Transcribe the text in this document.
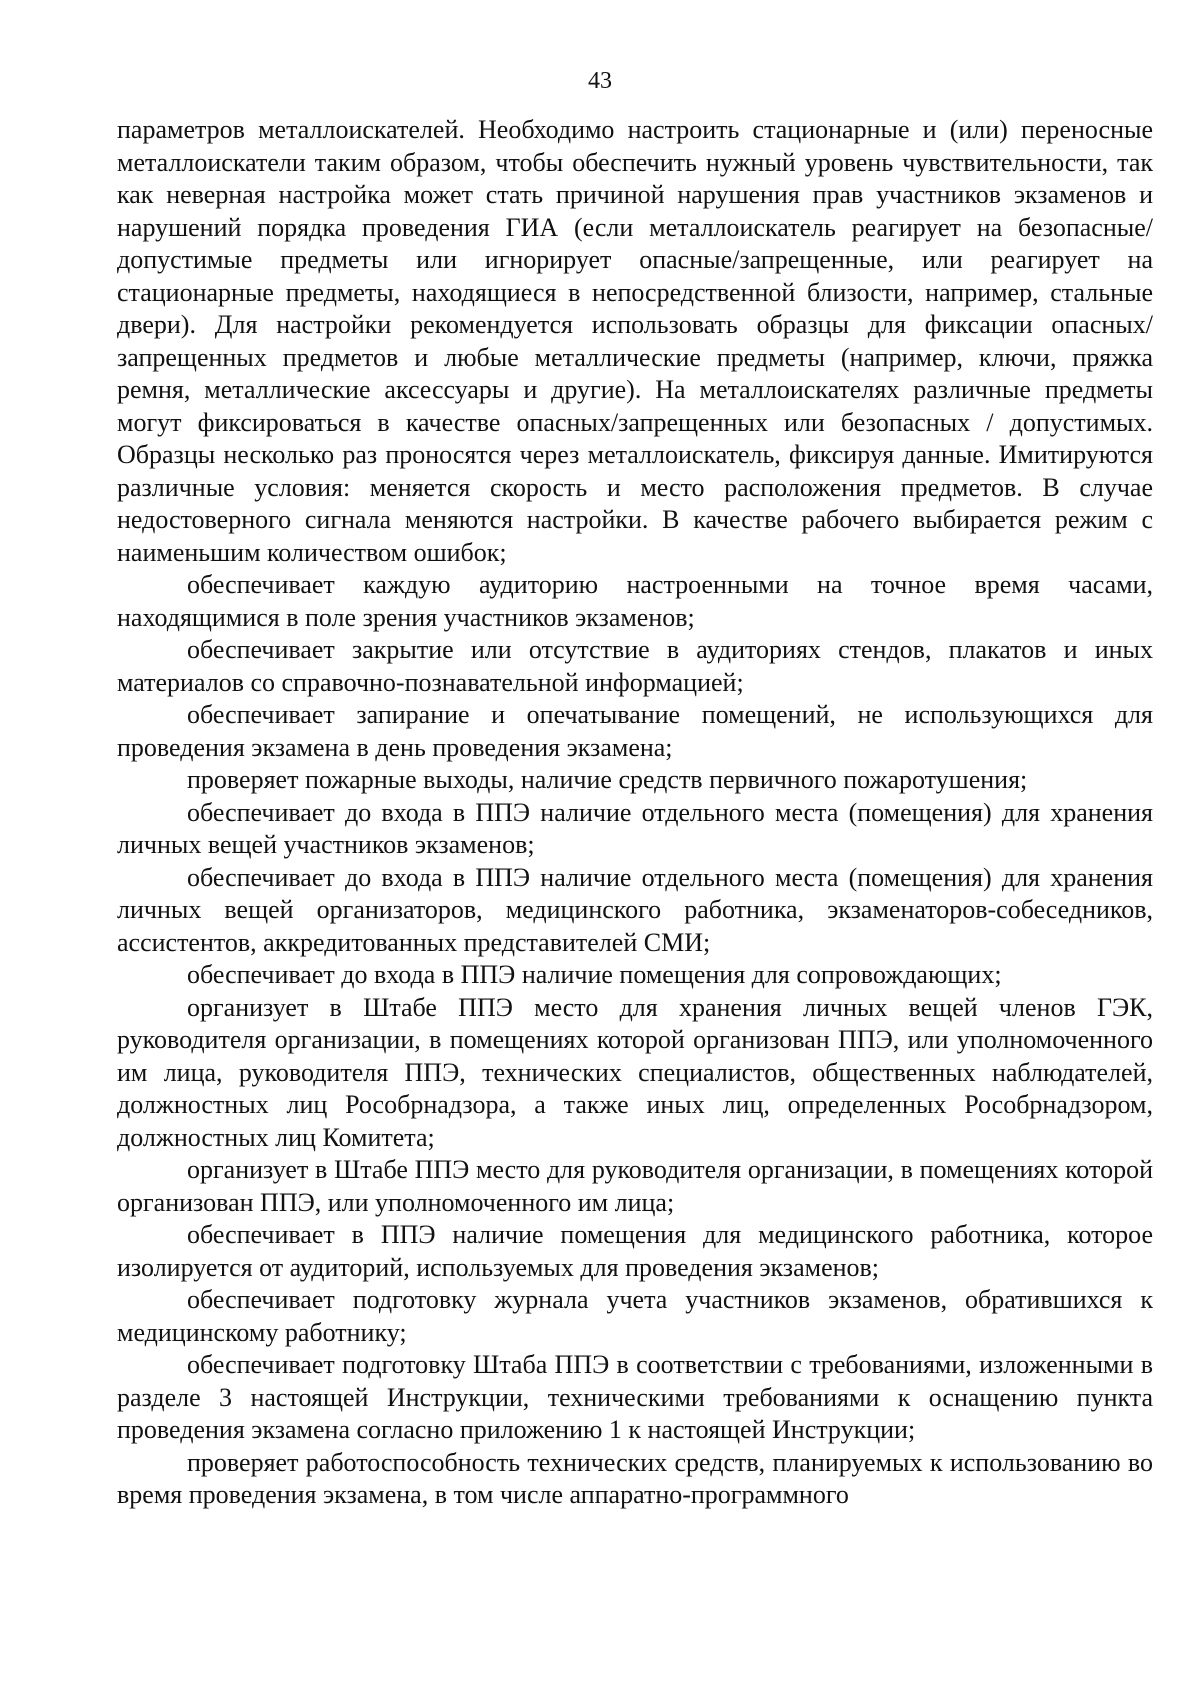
43

параметров металлоискателей. Необходимо настроить стационарные и (или) переносные металлоискатели таким образом, чтобы обеспечить нужный уровень чувствительности, так как неверная настройка может стать причиной нарушения прав участников экзаменов и нарушений порядка проведения ГИА (если металлоискатель реагирует на безопасные/допустимые предметы или игнорирует опасные/запрещенные, или реагирует на стационарные предметы, находящиеся в непосредственной близости, например, стальные двери). Для настройки рекомендуется использовать образцы для фиксации опасных/запрещенных предметов и любые металлические предметы (например, ключи, пряжка ремня, металлические аксессуары и другие). На металлоискателях различные предметы могут фиксироваться в качестве опасных/запрещенных или безопасных / допустимых. Образцы несколько раз проносятся через металлоискатель, фиксируя данные. Имитируются различные условия: меняется скорость и место расположения предметов. В случае недостоверного сигнала меняются настройки. В качестве рабочего выбирается режим с наименьшим количеством ошибок;

обеспечивает каждую аудиторию настроенными на точное время часами, находящимися в поле зрения участников экзаменов;

обеспечивает закрытие или отсутствие в аудиториях стендов, плакатов и иных материалов со справочно-познавательной информацией;

обеспечивает запирание и опечатывание помещений, не использующихся для проведения экзамена в день проведения экзамена;

проверяет пожарные выходы, наличие средств первичного пожаротушения;

обеспечивает до входа в ППЭ наличие отдельного места (помещения) для хранения личных вещей участников экзаменов;

обеспечивает до входа в ППЭ наличие отдельного места (помещения) для хранения личных вещей организаторов, медицинского работника, экзаменаторов-собеседников, ассистентов, аккредитованных представителей СМИ;

обеспечивает до входа в ППЭ наличие помещения для сопровождающих;

организует в Штабе ППЭ место для хранения личных вещей членов ГЭК, руководителя организации, в помещениях которой организован ППЭ, или уполномоченного им лица, руководителя ППЭ, технических специалистов, общественных наблюдателей, должностных лиц Рособрнадзора, а также иных лиц, определенных Рособрнадзором, должностных лиц Комитета;

организует в Штабе ППЭ место для руководителя организации, в помещениях которой организован ППЭ, или уполномоченного им лица;

обеспечивает в ППЭ наличие помещения для медицинского работника, которое изолируется от аудиторий, используемых для проведения экзаменов;

обеспечивает подготовку журнала учета участников экзаменов, обратившихся к медицинскому работнику;

обеспечивает подготовку Штаба ППЭ в соответствии с требованиями, изложенными в разделе 3 настоящей Инструкции, техническими требованиями к оснащению пункта проведения экзамена согласно приложению 1 к настоящей Инструкции;

проверяет работоспособность технических средств, планируемых к использованию во время проведения экзамена, в том числе аппаратно-программного
